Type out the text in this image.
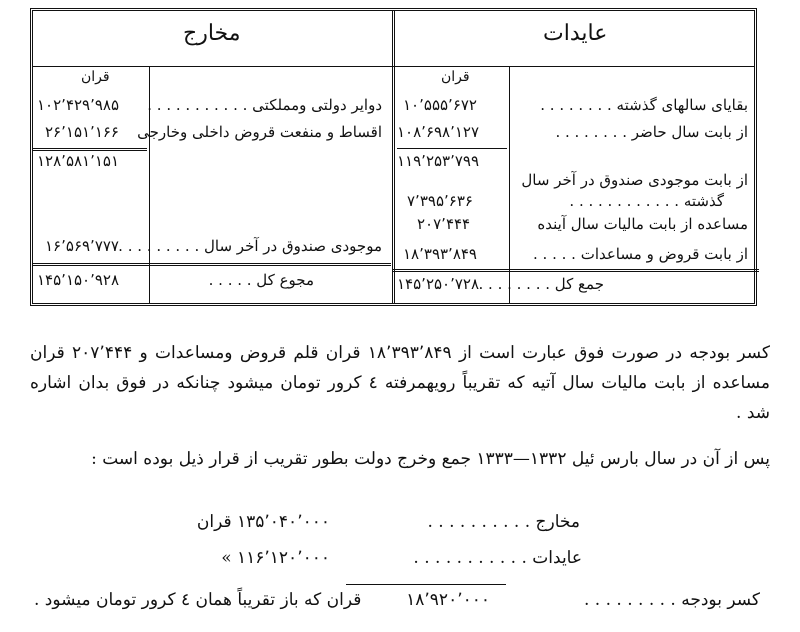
مخارج	عایدات
قران	قران
بقایای سالهای گذشته . . . . . . . .
۱۰٬۵۵۵٬۶۷۲
از بابت سال حاضر . . . . . . . .
۱۰۸٬۶۹۸٬۱۲۷
۱۱۹٬۲۵۳٬۷۹۹
از بابت موجودی صندوق در آخر سال
گذشته . . . . . . . . . . . .
۷٬۳۹۵٬۶۳۶
مساعده از بابت مالیات سال آینده
۲۰۷٬۴۴۴
از بابت قروض و مساعدات . . . . .
۱۸٬۳۹۳٬۸۴۹
جمع کل . . . . . . . .
۱۴۵٬۲۵۰٬۷۲۸
دوایر دولتی ومملکتی . . . . . . . . . . .
۱۰۲٬۴۲۹٬۹۸۵
اقساط و منفعت قروض داخلی وخارجی
۲۶٬۱۵۱٬۱۶۶
۱۲۸٬۵۸۱٬۱۵۱
موجودی صندوق در آخر سال . . . . . . . . .
۱۶٬۵۶۹٬۷۷۷
مجوع کل . . . . .
۱۴۵٬۱۵۰٬۹۲۸
کسر بودجه در صورت فوق عبارت است از ۱۸٬۳۹۳٬۸۴۹ قران قلم قروض ومساعدات و ۲۰۷٬۴۴۴ قران مساعده از بابت مالیات سال آتیه که تقریباً رویهمرفته ٤ کرور تومان میشود چنانکه در فوق بدان اشاره شد .
پس از آن در سال بارس ئیل ۱۳۳۲—۱۳۳۳ جمع وخرج دولت بطور تقریب از قرار ذیل بوده است :
مخارج . . . . . . . . . .
۱۳۵٬۰۴۰٬۰۰۰ قران
عایدات . . . . . . . . . . .
۱۱۶٬۱۲۰٬۰۰۰ »
کسر بودجه . . . . . . . . .
۱۸٬۹۲۰٬۰۰۰
قران که باز تقریباً همان ٤ کرور تومان میشود .
